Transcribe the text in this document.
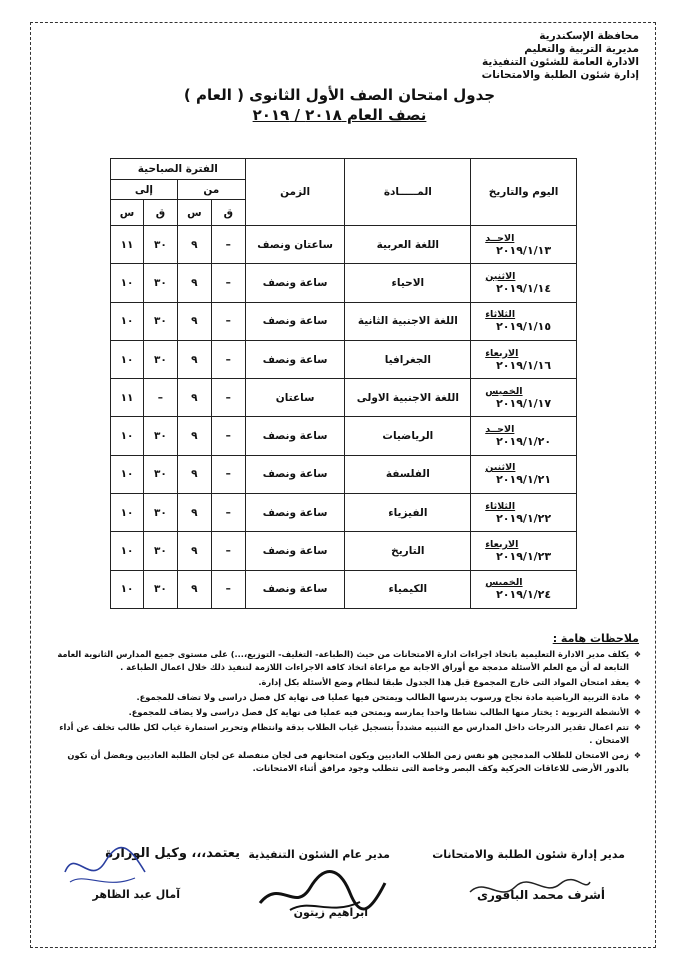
محافظة الإسكندرية
مديرية التربية والتعليم
الادارة العامة للشئون التنفيذية
إدارة شئون الطلبة والامتحانات
جدول امتحان الصف الأول الثانوى ( العام )
نصف العام ٢٠١٨ / ٢٠١٩
اليوم والتاريخ	المـــــادة	الزمن	الفترة الصباحية			
			من		إلى	
			ق	س	ق	س

الاحــد
٢٠١٩/١/١٣	اللغة العربية	ساعتان ونصف	–	٩	٣٠	١١

الاثنين
٢٠١٩/١/١٤	الاحياء	ساعة ونصف	–	٩	٣٠	١٠

الثلاثاء
٢٠١٩/١/١٥	اللغة الاجنبية الثانية	ساعة ونصف	–	٩	٣٠	١٠

الاربعاء
٢٠١٩/١/١٦	الجغرافيا	ساعة ونصف	–	٩	٣٠	١٠

الخميس
٢٠١٩/١/١٧	اللغة الاجنبية الاولى	ساعتان	–	٩	–	١١

الاحــد
٢٠١٩/١/٢٠	الرياضيات	ساعة ونصف	–	٩	٣٠	١٠

الاثنين
٢٠١٩/١/٢١	الفلسفة	ساعة ونصف	–	٩	٣٠	١٠

الثلاثاء
٢٠١٩/١/٢٢	الفيزياء	ساعة ونصف	–	٩	٣٠	١٠

الاربعاء
٢٠١٩/١/٢٣	التاريخ	ساعة ونصف	–	٩	٣٠	١٠

الخميس
٢٠١٩/١/٢٤	الكيمياء	ساعة ونصف	–	٩	٣٠	١٠
ملاحظات هامة :
❖ يكلف مدير الادارة التعليمية باتخاذ اجراءات ادارة الامتحانات من حيث (الطباعة- التغليف- التوزيع،...) على مستوى جميع المدارس الثانوية العامة التابعة له أن مع العلم الأسئلة مدمجة مع أوراق الاجابة مع مراعاة اتخاذ كافة الاجراءات اللازمة لتنفيذ ذلك خلال اعمال الطباعة .
❖ يعقد امتحان المواد التى خارج المجموع قبل هذا الجدول طبقا لنظام وضع الأسئلة بكل إدارة.
❖ مادة التربية الرياضية مادة نجاح ورسوب يدرسها الطالب ويمتحن فيها عمليا فى نهاية كل فصل دراسى ولا تضاف للمجموع.
❖ الأنشطة التربوية : يختار منها الطالب نشاطا واحدا يمارسه ويمتحن فيه عمليا فى نهاية كل فصل دراسى ولا يضاف للمجموع.
❖ تتم اعمال تقدير الدرجات داخل المدارس مع التنبيه مشدداً بتسجيل غياب الطلاب بدقة وانتظام وتحرير استمارة غياب لكل طالب تخلف عن أداء الامتحان .
❖ زمن الامتحان للطلاب المدمجين هو نفس زمن الطلاب العاديين ويكون امتحانهم فى لجان منفصلة عن لجان الطلبة العاديين ويفضل أن تكون بالدور الأرضى للاعاقات الحركية وكف البصر وخاصة التى تتطلب وجود مرافق أثناء الامتحانات.
مدير إدارة شئون الطلبة والامتحانات
أشرف محمد الباقورى
مدير عام الشئون التنفيذية
ابراهيم زيتون
يعتمد،،، وكيل الوزارة
آمال عبد الظاهر
